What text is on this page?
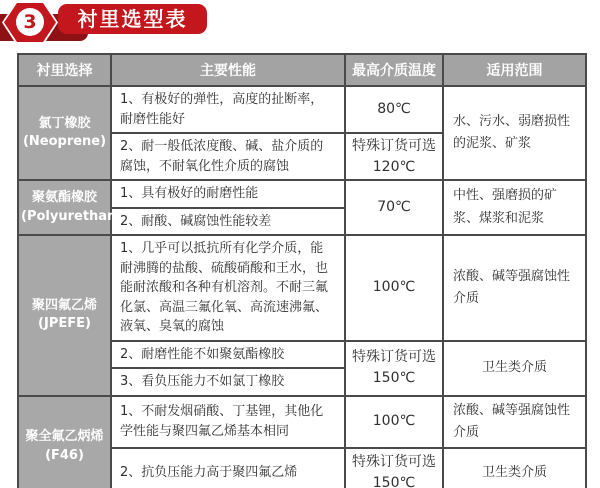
衬里选型表
3
衬里选择	主要性能	最高介质温度	适用范围

氯丁橡胶
(Neoprene)	1、有极好的弹性，高度的扯断率，耐磨性能好	80℃	水、污水、弱磨损性的泥浆、矿浆
	2、耐一般低浓度酸、碱、盐介质的腐蚀，不耐氧化性介质的腐蚀	特殊订货可选
120℃	

聚氨酯橡胶
(Polyurethane)	1、具有极好的耐磨性能	70℃	中性、强磨损的矿浆、煤浆和泥浆
	2、耐酸、碱腐蚀性能较差		

聚四氟乙烯
(JPEFE)	1、几乎可以抵抗所有化学介质，能耐沸腾的盐酸、硫酸硝酸和王水，也能耐浓酸和各种有机溶剂。不耐三氟化氯、高温三氟化氧、高流速沸氟、液氧、臭氧的腐蚀	100℃	浓酸、碱等强腐蚀性介质
	2、耐磨性能不如聚氨酯橡胶	特殊订货可选
150℃	卫生类介质
	3、看负压能力不如氯丁橡胶		

聚全氟乙炳烯
(F46)	1、不耐发烟硝酸、丁基锂，其他化学性能与聚四氟乙烯基本相同	100℃	浓酸、碱等强腐蚀性介质
	2、抗负压能力高于聚四氟乙烯	特殊订货可选
150℃	卫生类介质
